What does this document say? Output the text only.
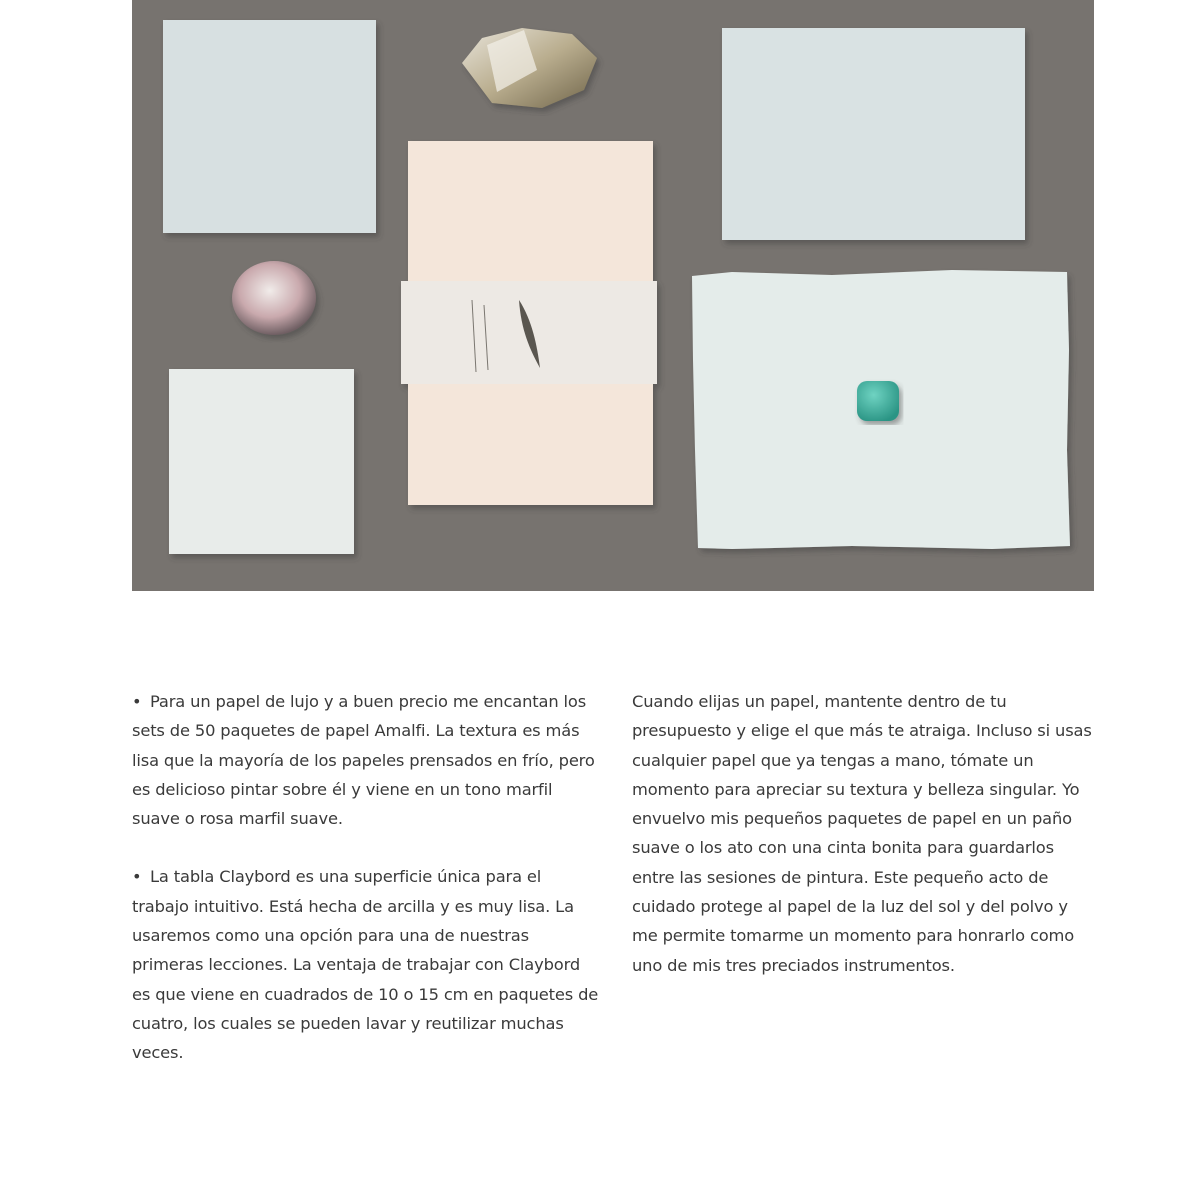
• Para un papel de lujo y a buen precio me encantan los sets de 50 paquetes de papel Amalfi. La textura es más lisa que la mayoría de los papeles prensados en frío, pero es delicioso pintar sobre él y viene en un tono marfil suave o rosa marfil suave.

• La tabla Claybord es una superficie única para el trabajo intuitivo. Está hecha de arcilla y es muy lisa. La usaremos como una opción para una de nuestras primeras lecciones. La ventaja de trabajar con Claybord es que viene en cuadrados de 10 o 15 cm en paquetes de cuatro, los cuales se pueden lavar y reutilizar muchas veces.

Cuando elijas un papel, mantente dentro de tu presupuesto y elige el que más te atraiga. Incluso si usas cualquier papel que ya tengas a mano, tómate un momento para apreciar su textura y belleza singular. Yo envuelvo mis pequeños paquetes de papel en un paño suave o los ato con una cinta bonita para guardarlos entre las sesiones de pintura. Este pequeño acto de cuidado protege al papel de la luz del sol y del polvo y me permite tomarme un momento para honrarlo como uno de mis tres preciados instrumentos.
